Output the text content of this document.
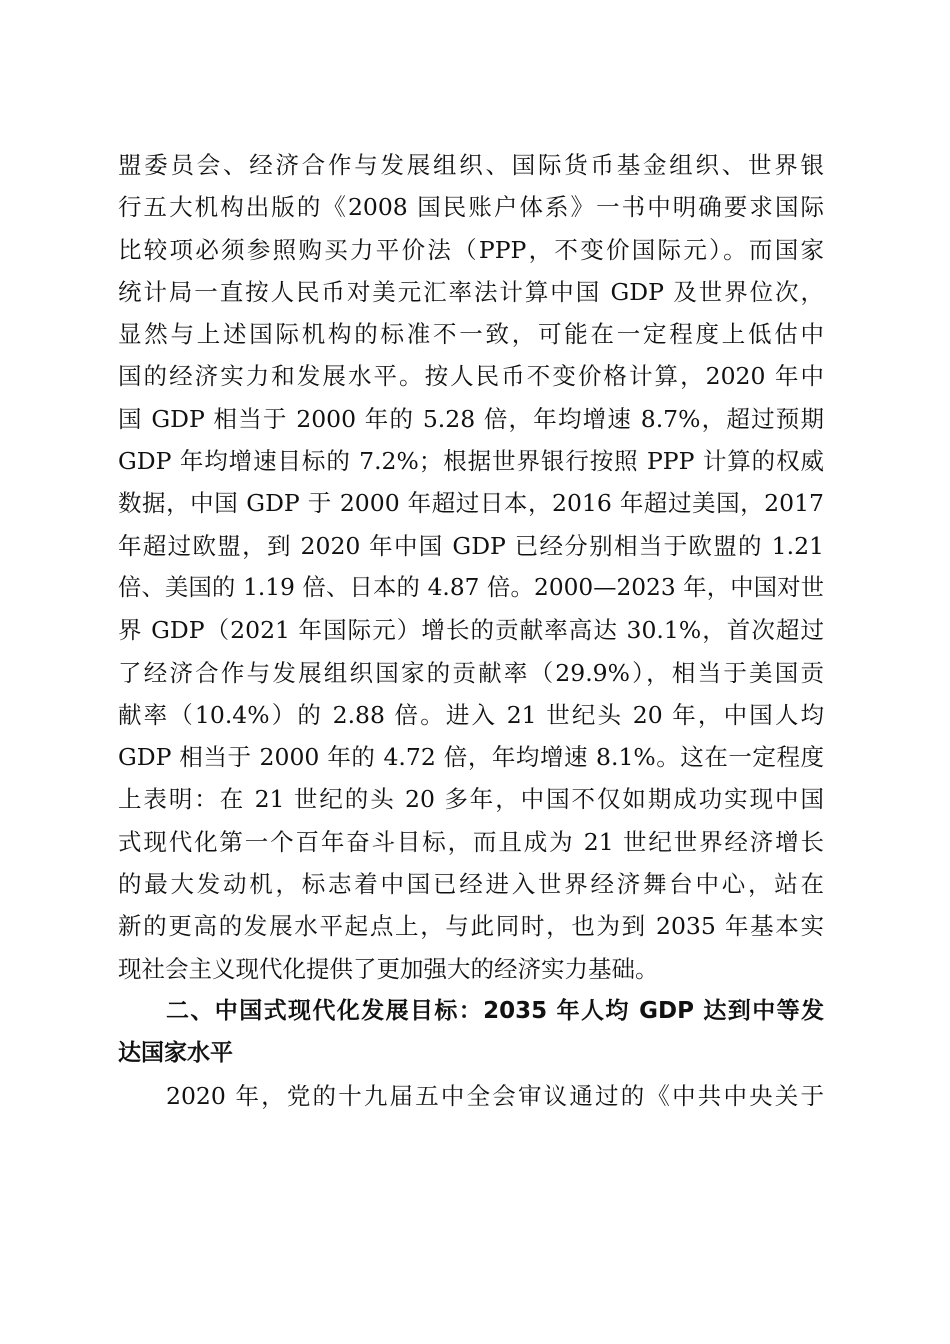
盟委员会、经济合作与发展组织、国际货币基金组织、世界银
行五大机构出版的《2008 国民账户体系》一书中明确要求国际
比较项必须参照购买力平价法（PPP，不变价国际元）。而国家
统计局一直按人民币对美元汇率法计算中国 GDP 及世界位次，
显然与上述国际机构的标准不一致，可能在一定程度上低估中
国的经济实力和发展水平。按人民币不变价格计算，2020 年中
国 GDP 相当于 2000 年的 5.28 倍，年均增速 8.7%，超过预期
GDP 年均增速目标的 7.2%；根据世界银行按照 PPP 计算的权威
数据，中国 GDP 于 2000 年超过日本，2016 年超过美国，2017
年超过欧盟，到 2020 年中国 GDP 已经分别相当于欧盟的 1.21
倍、美国的 1.19 倍、日本的 4.87 倍。2000—2023 年，中国对世
界 GDP（2021 年国际元）增长的贡献率高达 30.1%，首次超过
了经济合作与发展组织国家的贡献率（29.9%），相当于美国贡
献率（10.4%）的 2.88 倍。进入 21 世纪头 20 年，中国人均
GDP 相当于 2000 年的 4.72 倍，年均增速 8.1%。这在一定程度
上表明：在 21 世纪的头 20 多年，中国不仅如期成功实现中国
式现代化第一个百年奋斗目标，而且成为 21 世纪世界经济增长
的最大发动机，标志着中国已经进入世界经济舞台中心，站在
新的更高的发展水平起点上，与此同时，也为到 2035 年基本实
现社会主义现代化提供了更加强大的经济实力基础。
二、中国式现代化发展目标：2035 年人均 GDP 达到中等发
达国家水平
2020 年，党的十九届五中全会审议通过的《中共中央关于
